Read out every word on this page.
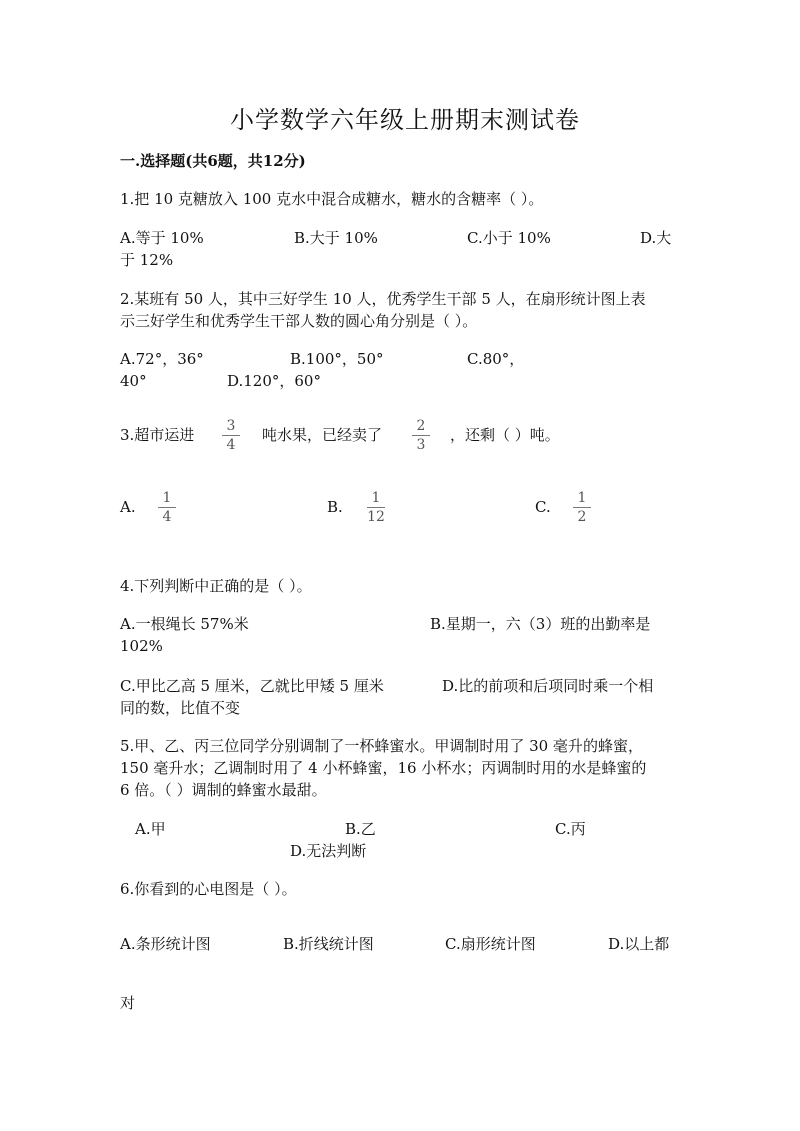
小学数学六年级上册期末测试卷
一.选择题(共6题，共12分)
1.把 10 克糖放入 100 克水中混合成糖水，糖水的含糖率（ ）。
A.等于 10%	B.大于 10%	C.小于 10%	D.大
于 12%
2.某班有 50 人，其中三好学生 10 人，优秀学生干部 5 人，在扇形统计图上表
示三好学生和优秀学生干部人数的圆心角分别是（ ）。
A.72°，36°	B.100°，50°	C.80°，
40°	D.120°，60°
3.超市运进	3
4
吨水果，已经卖了	2
3
，还剩（ ）吨。
A.	1
4
B.	1
12
C.	1
2
4.下列判断中正确的是（ ）。
A.一根绳长 57%米	B.星期一，六（3）班的出勤率是
102%
C.甲比乙高 5 厘米，乙就比甲矮 5 厘米	D.比的前项和后项同时乘一个相
同的数，比值不变
5.甲、乙、丙三位同学分别调制了一杯蜂蜜水。甲调制时用了 30 毫升的蜂蜜，
150 毫升水；乙调制时用了 4 小杯蜂蜜，16 小杯水；丙调制时用的水是蜂蜜的
6 倍。（ ）调制的蜂蜜水最甜。
A.甲	B.乙	C.丙
D.无法判断
6.你看到的心电图是（ ）。
A.条形统计图	B.折线统计图	C.扇形统计图	D.以上都
对
